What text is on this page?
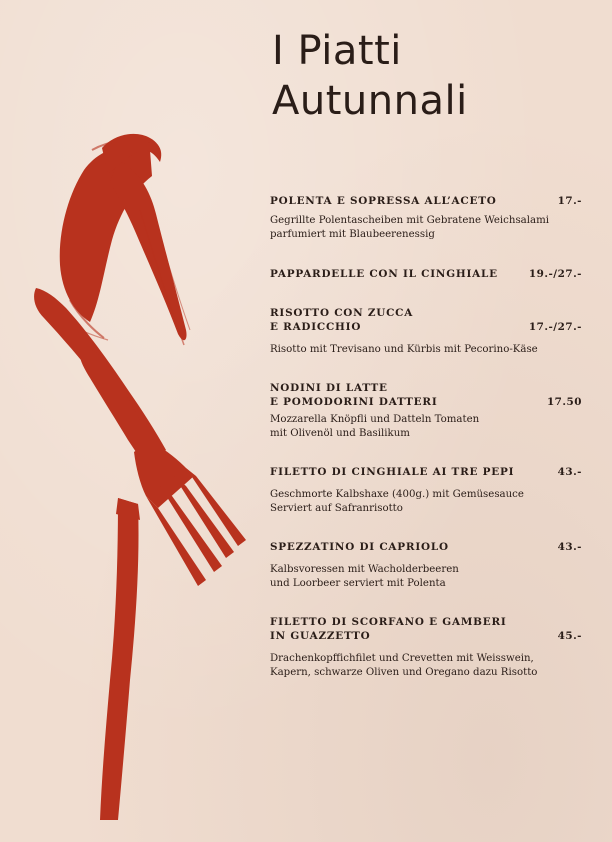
I Piatti
Autunnali
POLENTA E SOPRESSA ALL’ACETO	17.-
Gegrillte Polentascheiben mit Gebratene Weichsalami
parfumiert mit Blaubeerenessig
PAPPARDELLE CON IL CINGHIALE	19.-/27.-
RISOTTO CON ZUCCA
E RADICCHIO	17.-/27.-
Risotto mit Trevisano und Kürbis mit Pecorino-Käse
NODINI DI LATTE
E POMODORINI DATTERI	17.50
Mozzarella Knöpfli und Datteln Tomaten
mit Olivenöl und Basilikum
FILETTO DI CINGHIALE AI TRE PEPI	43.-
Geschmorte Kalbshaxe (400g.) mit Gemüsesauce
Serviert auf Safranrisotto
SPEZZATINO DI CAPRIOLO	43.-
Kalbsvoressen mit Wacholderbeeren
und Loorbeer serviert mit Polenta
FILETTO DI SCORFANO E GAMBERI
IN GUAZZETTO	45.-
Drachenkopffichfilet und Crevetten mit Weisswein,
Kapern, schwarze Oliven und Oregano dazu Risotto
